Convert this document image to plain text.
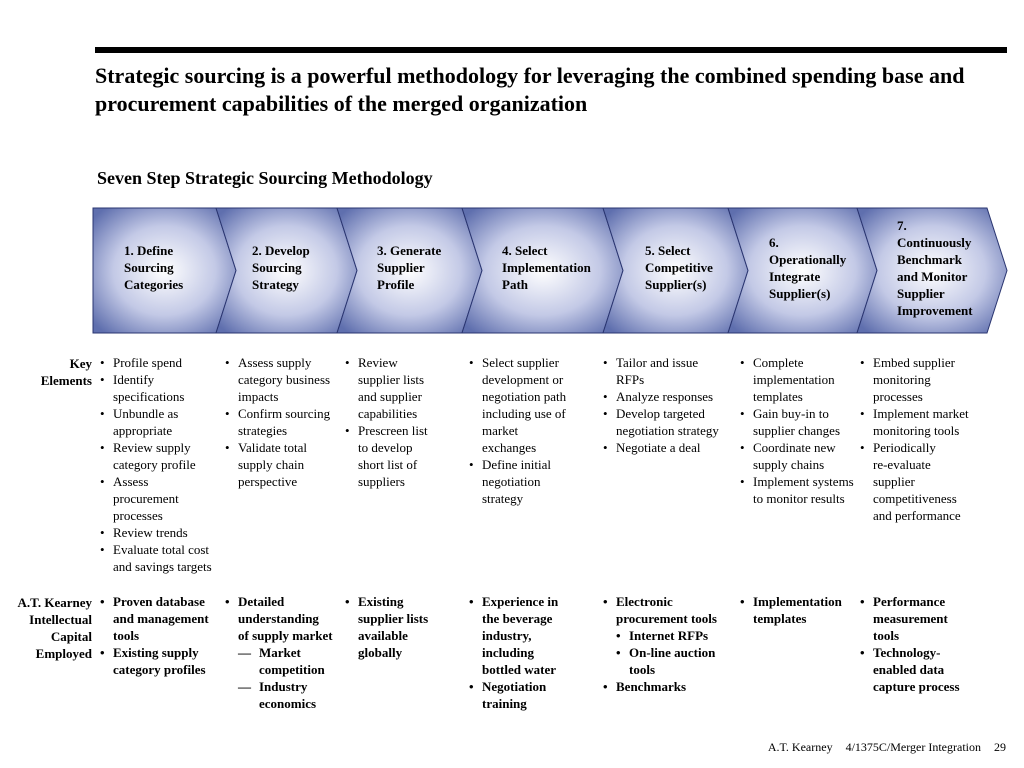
Strategic sourcing is a powerful methodology for leveraging the combined spending base and procurement capabilities of the merged organization
Seven Step Strategic Sourcing Methodology
1. Define
Sourcing
Categories
2. Develop
Sourcing
Strategy
3. Generate
Supplier
Profile
4. Select
Implementation
Path
5. Select
Competitive
Supplier(s)
6.
Operationally
Integrate
Supplier(s)
7.
Continuously
Benchmark
and Monitor
Supplier
Improvement
Key
Elements
A.T. Kearney
Intellectual
Capital
Employed
• Profile spend
• Identify
specifications
• Unbundle as
appropriate
• Review supply
category profile
• Assess
procurement
processes
• Review trends
• Evaluate total cost
and savings targets
• Assess supply
category business
impacts
• Confirm sourcing
strategies
• Validate total
supply chain
perspective
• Review
supplier lists
and supplier
capabilities
• Prescreen list
to develop
short list of
suppliers
• Select supplier
development or
negotiation path
including use of
market
exchanges
• Define initial
negotiation
strategy
• Tailor and issue
RFPs
• Analyze responses
• Develop targeted
negotiation strategy
• Negotiate a deal
• Complete
implementation
templates
• Gain buy-in to
supplier changes
• Coordinate new
supply chains
• Implement systems
to monitor results
• Embed supplier
monitoring
processes
• Implement market
monitoring tools
• Periodically
re-evaluate
supplier
competitiveness
and performance
• Proven database
and management
tools
• Existing supply
category profiles
• Detailed
understanding
of supply market
— Market
competition
— Industry
economics
• Existing
supplier lists
available
globally
• Experience in
the beverage
industry,
including
bottled water
• Negotiation
training
• Electronic
procurement tools
• Internet RFPs
• On-line auction
tools
• Benchmarks
• Implementation
templates
• Performance
measurement
tools
• Technology-
enabled data
capture process
A.T. Kearney 4/1375C/Merger Integration 29
